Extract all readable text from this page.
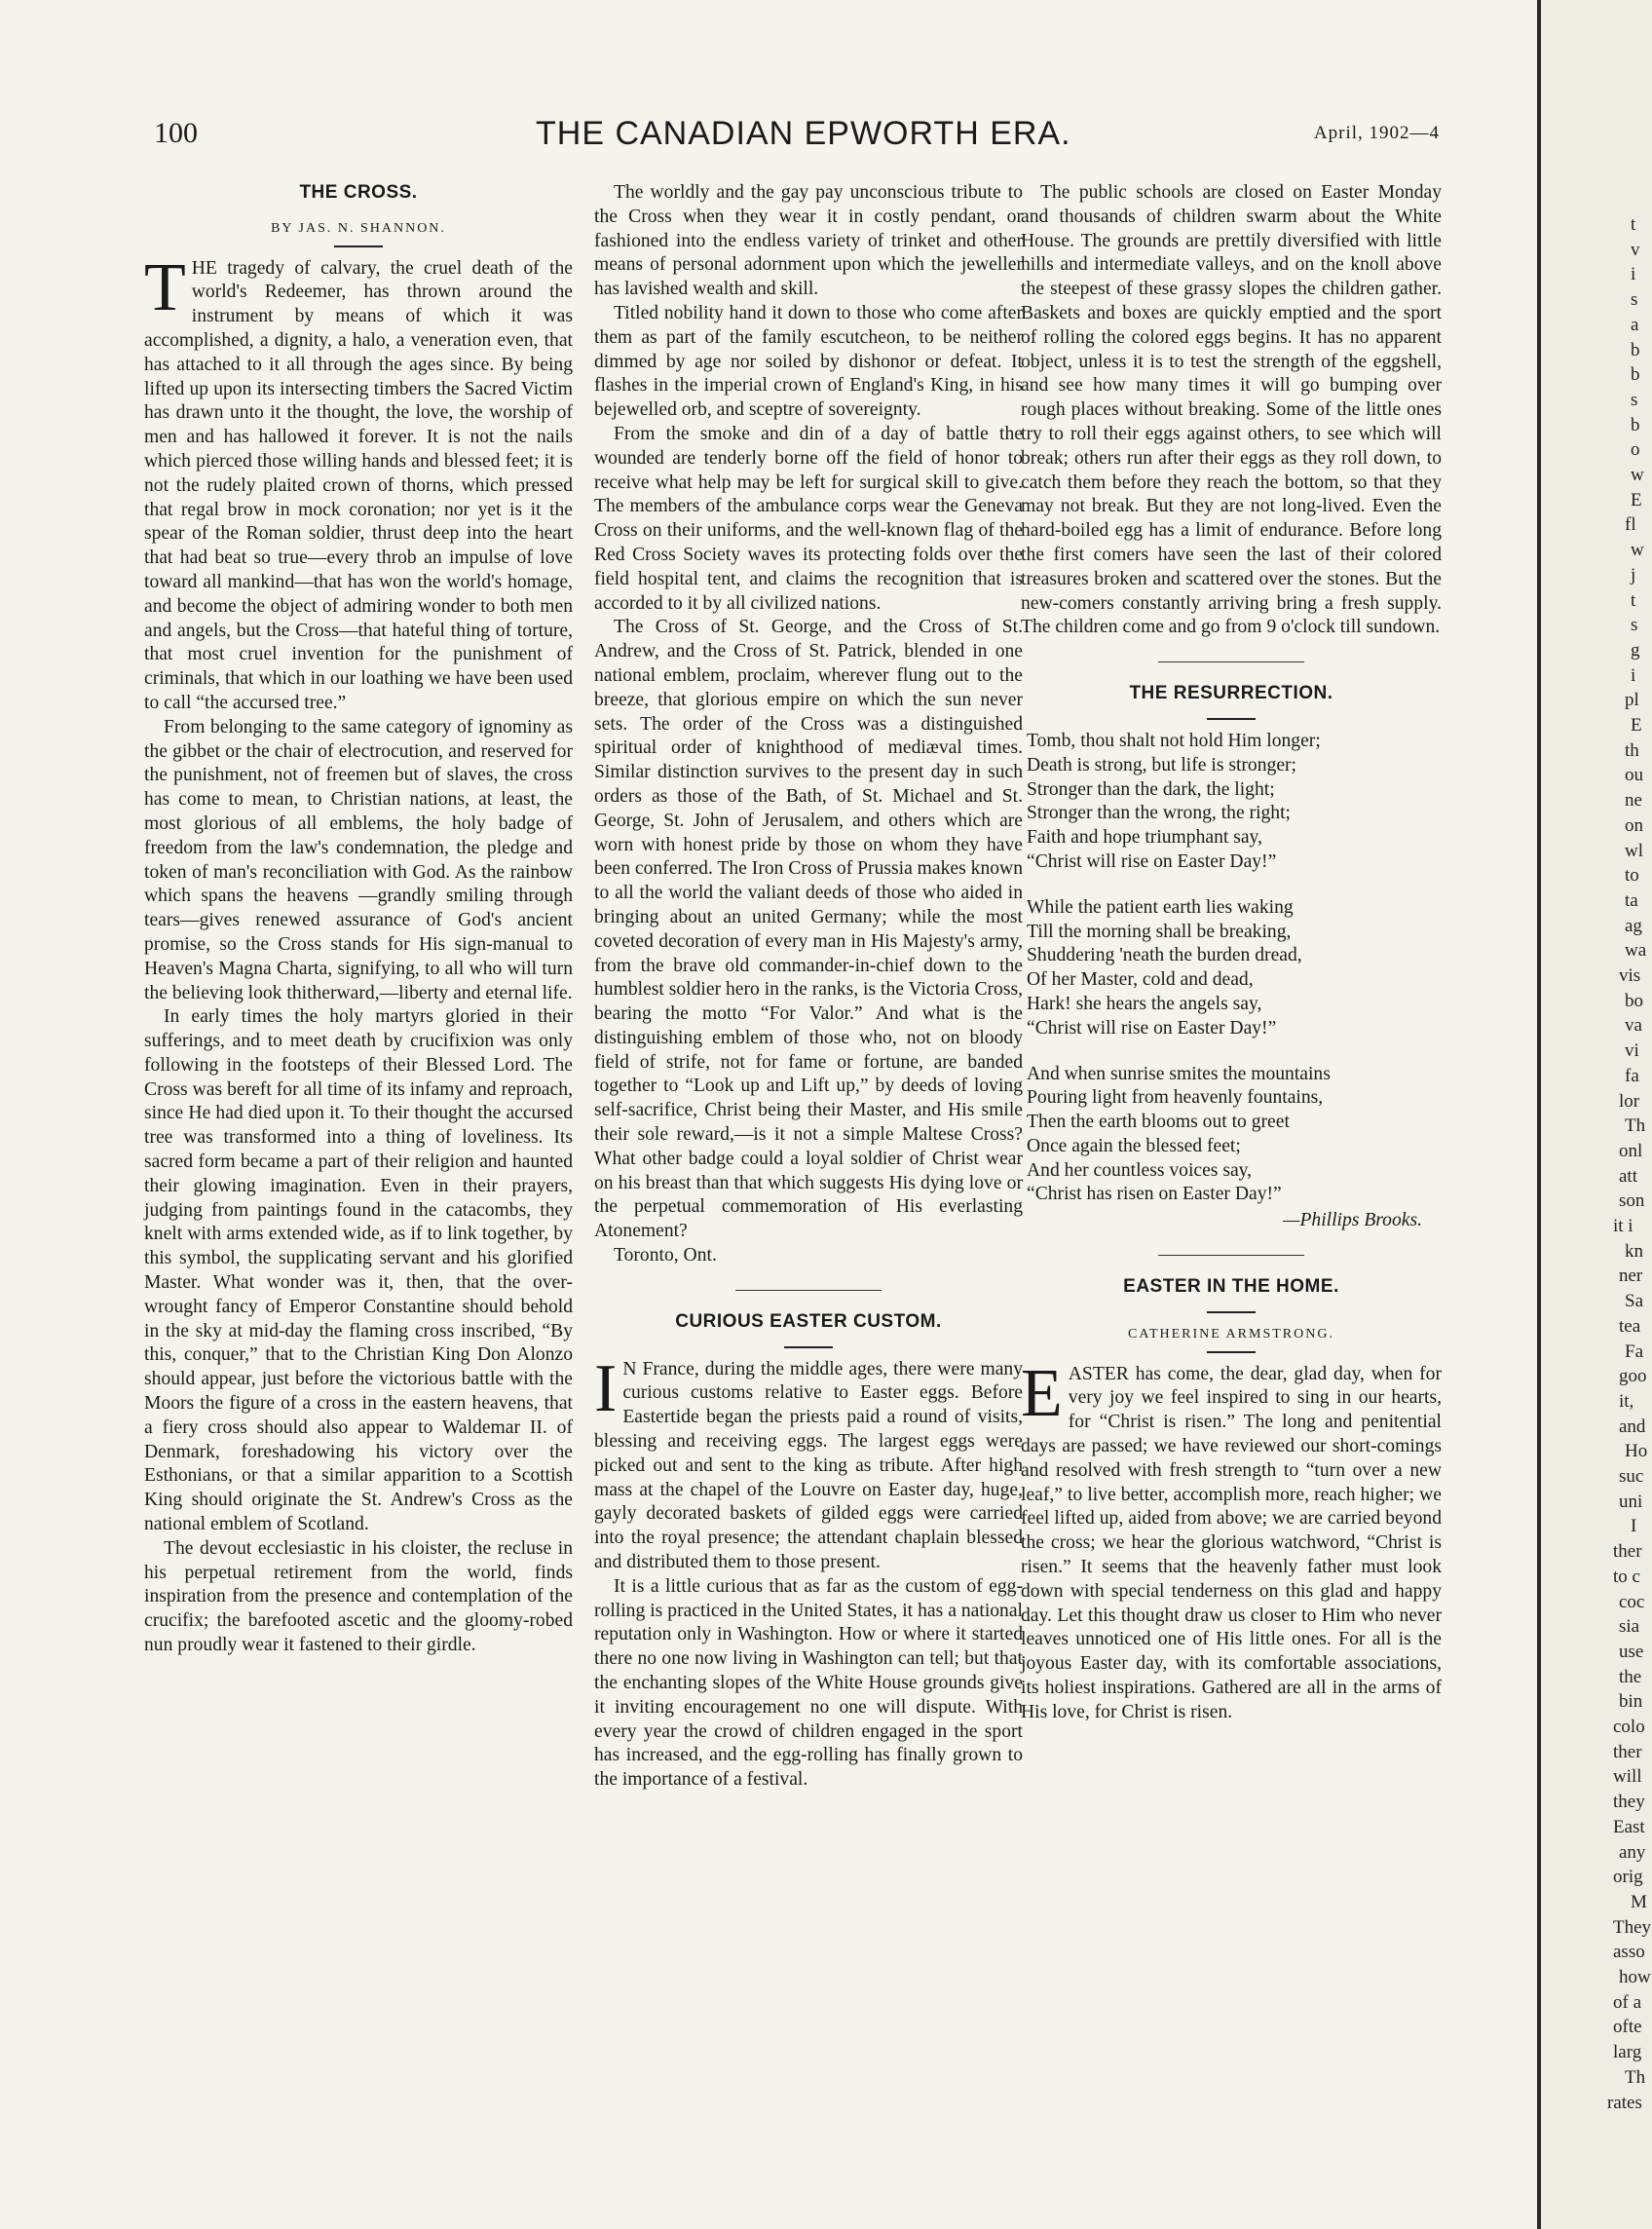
100	THE CANADIAN EPWORTH ERA.	April, 1902—4
THE CROSS.
BY JAS. N. SHANNON.

THE tragedy of calvary, the cruel death of the world's Redeemer, has thrown around the instrument by means of which it was accomplished, a dignity, a halo, a veneration even, that has attached to it all through the ages since. By being lifted up upon its intersecting timbers the Sacred Victim has drawn unto it the thought, the love, the worship of men and has hallowed it forever. It is not the nails which pierced those willing hands and blessed feet; it is not the rudely plaited crown of thorns, which pressed that regal brow in mock coronation; nor yet is it the spear of the Roman soldier, thrust deep into the heart that had beat so true—every throb an impulse of love toward all mankind—that has won the world's homage, and become the object of admiring wonder to both men and angels, but the Cross—that hateful thing of torture, that most cruel invention for the punishment of criminals, that which in our loathing we have been used to call “the accursed tree.”

From belonging to the same category of ignominy as the gibbet or the chair of electrocution, and reserved for the punishment, not of freemen but of slaves, the cross has come to mean, to Christian nations, at least, the most glorious of all emblems, the holy badge of freedom from the law's condemnation, the pledge and token of man's reconciliation with God. As the rainbow which spans the heavens —grandly smiling through tears—gives renewed assurance of God's ancient promise, so the Cross stands for His sign-manual to Heaven's Magna Charta, signifying, to all who will turn the believing look thitherward,—liberty and eternal life.

In early times the holy martyrs gloried in their sufferings, and to meet death by crucifixion was only following in the footsteps of their Blessed Lord. The Cross was bereft for all time of its infamy and reproach, since He had died upon it. To their thought the accursed tree was transformed into a thing of loveliness. Its sacred form became a part of their religion and haunted their glowing imagination. Even in their prayers, judging from paintings found in the catacombs, they knelt with arms extended wide, as if to link together, by this symbol, the supplicating servant and his glorified Master. What wonder was it, then, that the over-wrought fancy of Emperor Constantine should behold in the sky at mid-day the flaming cross inscribed, “By this, conquer,” that to the Christian King Don Alonzo should appear, just before the victorious battle with the Moors the figure of a cross in the eastern heavens, that a fiery cross should also appear to Waldemar II. of Denmark, foreshadowing his victory over the Esthonians, or that a similar apparition to a Scottish King should originate the St. Andrew's Cross as the national emblem of Scotland.

The devout ecclesiastic in his cloister, the recluse in his perpetual retirement from the world, finds inspiration from the presence and contemplation of the crucifix; the barefooted ascetic and the gloomy-robed nun proudly wear it fastened to their girdle.

The worldly and the gay pay unconscious tribute to the Cross when they wear it in costly pendant, or fashioned into the endless variety of trinket and other means of personal adornment upon which the jeweller has lavished wealth and skill.

Titled nobility hand it down to those who come after them as part of the family escutcheon, to be neither dimmed by age nor soiled by dishonor or defeat. It flashes in the imperial crown of England's King, in his bejewelled orb, and sceptre of sovereignty.

From the smoke and din of a day of battle the wounded are tenderly borne off the field of honor to receive what help may be left for surgical skill to give. The members of the ambulance corps wear the Geneva Cross on their uniforms, and the well-known flag of the Red Cross Society waves its protecting folds over the field hospital tent, and claims the recognition that is accorded to it by all civilized nations.

The Cross of St. George, and the Cross of St. Andrew, and the Cross of St. Patrick, blended in one national emblem, proclaim, wherever flung out to the breeze, that glorious empire on which the sun never sets. The order of the Cross was a distinguished spiritual order of knighthood of mediæval times. Similar distinction survives to the present day in such orders as those of the Bath, of St. Michael and St. George, St. John of Jerusalem, and others which are worn with honest pride by those on whom they have been conferred. The Iron Cross of Prussia makes known to all the world the valiant deeds of those who aided in bringing about an united Germany; while the most coveted decoration of every man in His Majesty's army, from the brave old commander-in-chief down to the humblest soldier hero in the ranks, is the Victoria Cross, bearing the motto “For Valor.” And what is the distinguishing emblem of those who, not on bloody field of strife, not for fame or fortune, are banded together to “Look up and Lift up,” by deeds of loving self-sacrifice, Christ being their Master, and His smile their sole reward,—is it not a simple Maltese Cross? What other badge could a loyal soldier of Christ wear on his breast than that which suggests His dying love or the perpetual commemoration of His everlasting Atonement?

Toronto, Ont.

CURIOUS EASTER CUSTOM.

I N France, during the middle ages, there were many curious customs relative to Easter eggs. Before Eastertide began the priests paid a round of visits, blessing and receiving eggs. The largest eggs were picked out and sent to the king as tribute. After high mass at the chapel of the Louvre on Easter day, huge, gayly decorated baskets of gilded eggs were carried into the royal presence; the attendant chaplain blessed and distributed them to those present.

It is a little curious that as far as the custom of egg-rolling is practiced in the United States, it has a national reputation only in Washington. How or where it started there no one now living in Washington can tell; but that the enchanting slopes of the White House grounds give it inviting encouragement no one will dispute. With every year the crowd of children engaged in the sport has increased, and the egg-rolling has finally grown to the importance of a festival.

The public schools are closed on Easter Monday and thousands of children swarm about the White House. The grounds are prettily diversified with little hills and intermediate valleys, and on the knoll above the steepest of these grassy slopes the children gather. Baskets and boxes are quickly emptied and the sport of rolling the colored eggs begins. It has no apparent object, unless it is to test the strength of the eggshell, and see how many times it will go bumping over rough places without breaking. Some of the little ones try to roll their eggs against others, to see which will break; others run after their eggs as they roll down, to catch them before they reach the bottom, so that they may not break. But they are not long-lived. Even the hard-boiled egg has a limit of endurance. Before long the first comers have seen the last of their colored treasures broken and scattered over the stones. But the new-comers constantly arriving bring a fresh supply. The children come and go from 9 o'clock till sundown.

THE RESURRECTION.
Tomb, thou shalt not hold Him longer;
Death is strong, but life is stronger;
Stronger than the dark, the light;
Stronger than the wrong, the right;
Faith and hope triumphant say,
“Christ will rise on Easter Day!”
While the patient earth lies waking
Till the morning shall be breaking,
Shuddering 'neath the burden dread,
Of her Master, cold and dead,
Hark! she hears the angels say,
“Christ will rise on Easter Day!”
And when sunrise smites the mountains
Pouring light from heavenly fountains,
Then the earth blooms out to greet
Once again the blessed feet;
And her countless voices say,
“Christ has risen on Easter Day!”
—Phillips Brooks.
EASTER IN THE HOME.
CATHERINE ARMSTRONG.

EASTER has come, the dear, glad day, when for very joy we feel inspired to sing in our hearts, for “Christ is risen.” The long and penitential days are passed; we have reviewed our short-comings and resolved with fresh strength to “turn over a new leaf,” to live better, accomplish more, reach higher; we feel lifted up, aided from above; we are carried beyond the cross; we hear the glorious watchword, “Christ is risen.” It seems that the heavenly father must look down with special tenderness on this glad and happy day. Let this thought draw us closer to Him who never leaves unnoticed one of His little ones. For all is the joyous Easter day, with its comfortable associations, its holiest inspirations. Gathered are all in the arms of His love, for Christ is risen.

t
v
i
s
a
b
b
s
b
o
w
E
fl
w
j
t
s
g
i
pl
E
th
ou
ne
on
wl
to
ta
ag
wa
vis
bo
va
vi
fa
lor
Th
onl
att
son
it i
kn
ner
Sa
tea
Fa
goo
it,
and
Ho
suc
uni
I
ther
to c
coc
sia
use
the
bin
colo
ther
will
they
East
any
orig
M
They
asso
how
of a
ofte
larg
Th
rates
